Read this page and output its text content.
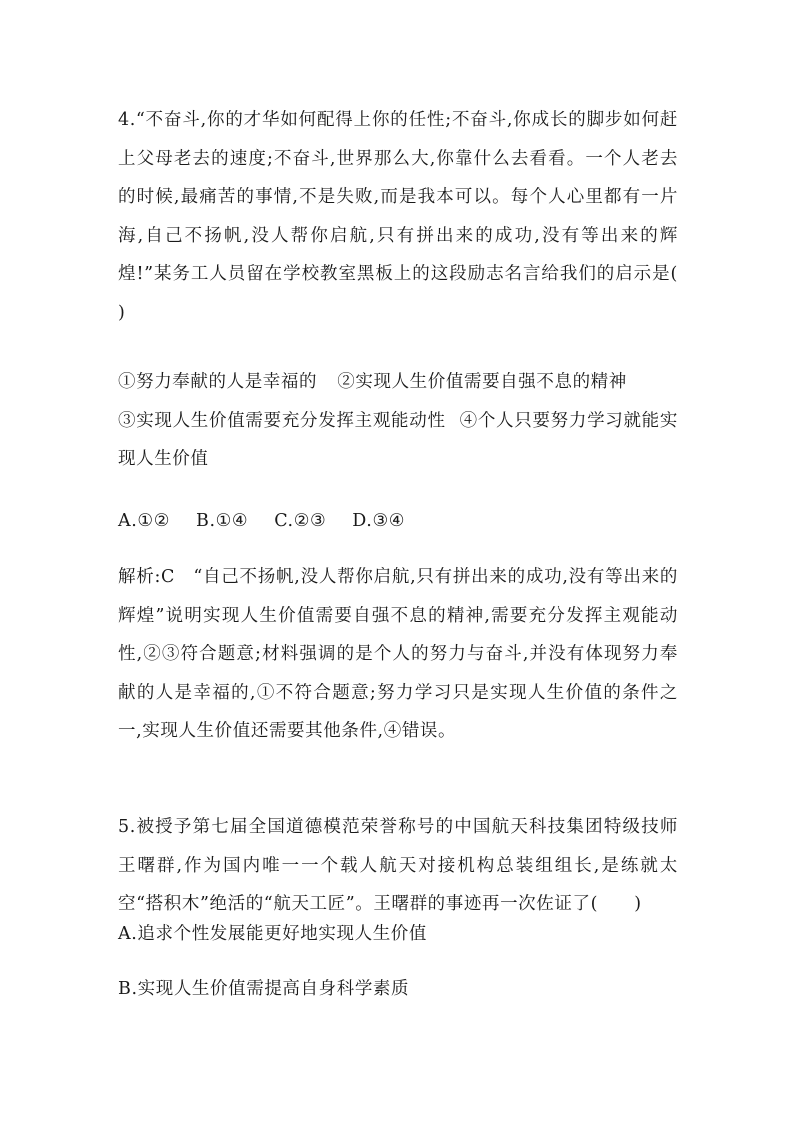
4.“不奋斗,你的才华如何配得上你的任性;不奋斗,你成长的脚步如何赶上父母老去的速度;不奋斗,世界那么大,你靠什么去看看。一个人老去的时候,最痛苦的事情,不是失败,而是我本可以。每个人心里都有一片海,自己不扬帆,没人帮你启航,只有拼出来的成功,没有等出来的辉煌!”某务工人员留在学校教室黑板上的这段励志名言给我们的启示是(　　)

①努力奉献的人是幸福的 ②实现人生价值需要自强不息的精神
③实现人生价值需要充分发挥主观能动性 ④个人只要努力学习就能实现人生价值

A.①② B.①④ C.②③ D.③④

解析:C　“自己不扬帆,没人帮你启航,只有拼出来的成功,没有等出来的辉煌”说明实现人生价值需要自强不息的精神,需要充分发挥主观能动性,②③符合题意;材料强调的是个人的努力与奋斗,并没有体现努力奉献的人是幸福的,①不符合题意;努力学习只是实现人生价值的条件之一,实现人生价值还需要其他条件,④错误。

5.被授予第七届全国道德模范荣誉称号的中国航天科技集团特级技师王曙群,作为国内唯一一个载人航天对接机构总装组组长,是练就太空“搭积木”绝活的“航天工匠”。王曙群的事迹再一次佐证了(　　)

A.追求个性发展能更好地实现人生价值

B.实现人生价值需提高自身科学素质
